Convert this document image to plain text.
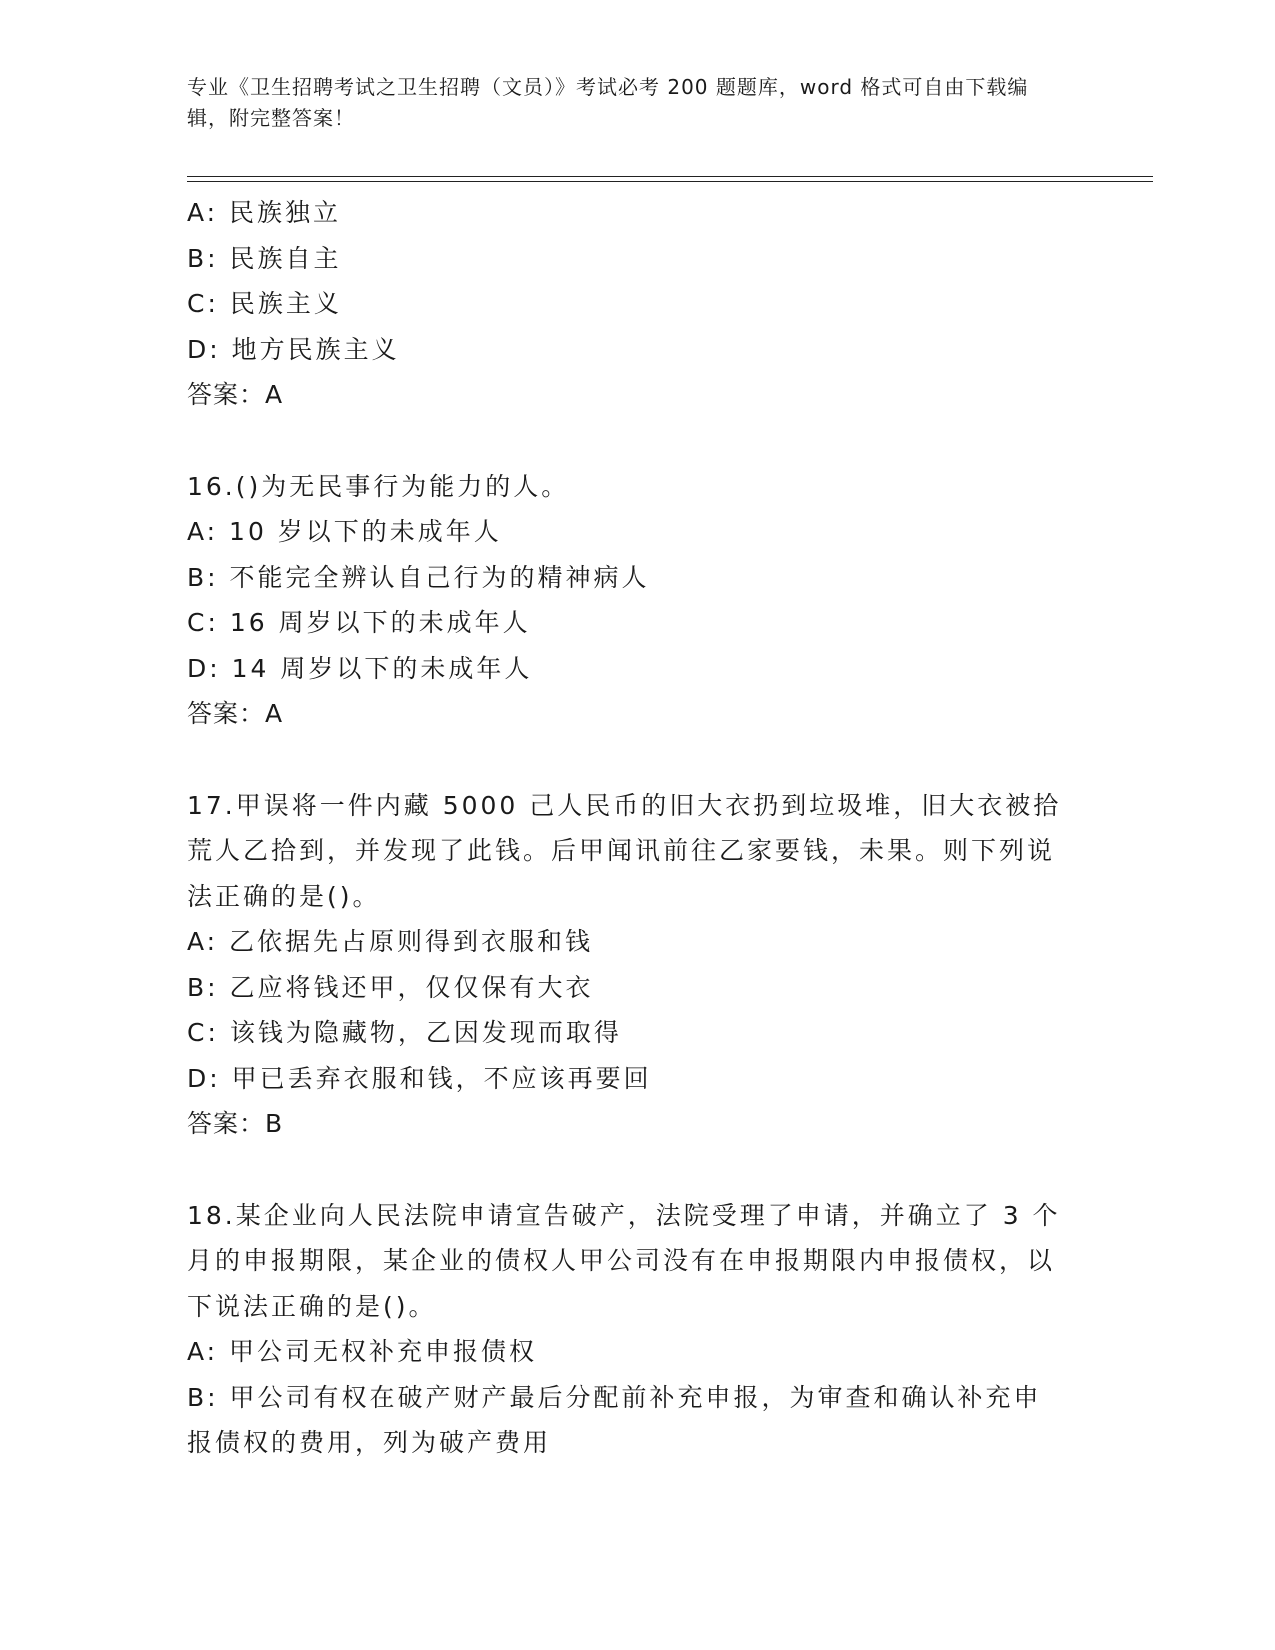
专业《卫生招聘考试之卫生招聘（文员）》考试必考 200 题题库，word 格式可自由下载编辑，附完整答案！
A: 民族独立
B: 民族自主
C: 民族主义
D: 地方民族主义
答案：A
16.()为无民事行为能力的人。
A: 10 岁以下的未成年人
B: 不能完全辨认自己行为的精神病人
C: 16 周岁以下的未成年人
D: 14 周岁以下的未成年人
答案：A
17.甲误将一件内藏 5000 己人民币的旧大衣扔到垃圾堆，旧大衣被拾荒人乙拾到，并发现了此钱。后甲闻讯前往乙家要钱，未果。则下列说法正确的是()。
A: 乙依据先占原则得到衣服和钱
B: 乙应将钱还甲，仅仅保有大衣
C: 该钱为隐藏物，乙因发现而取得
D: 甲已丢弃衣服和钱，不应该再要回
答案：B
18.某企业向人民法院申请宣告破产，法院受理了申请，并确立了 3 个月的申报期限，某企业的债权人甲公司没有在申报期限内申报债权，以下说法正确的是()。
A: 甲公司无权补充申报债权
B: 甲公司有权在破产财产最后分配前补充申报，为审查和确认补充申报债权的费用，列为破产费用
